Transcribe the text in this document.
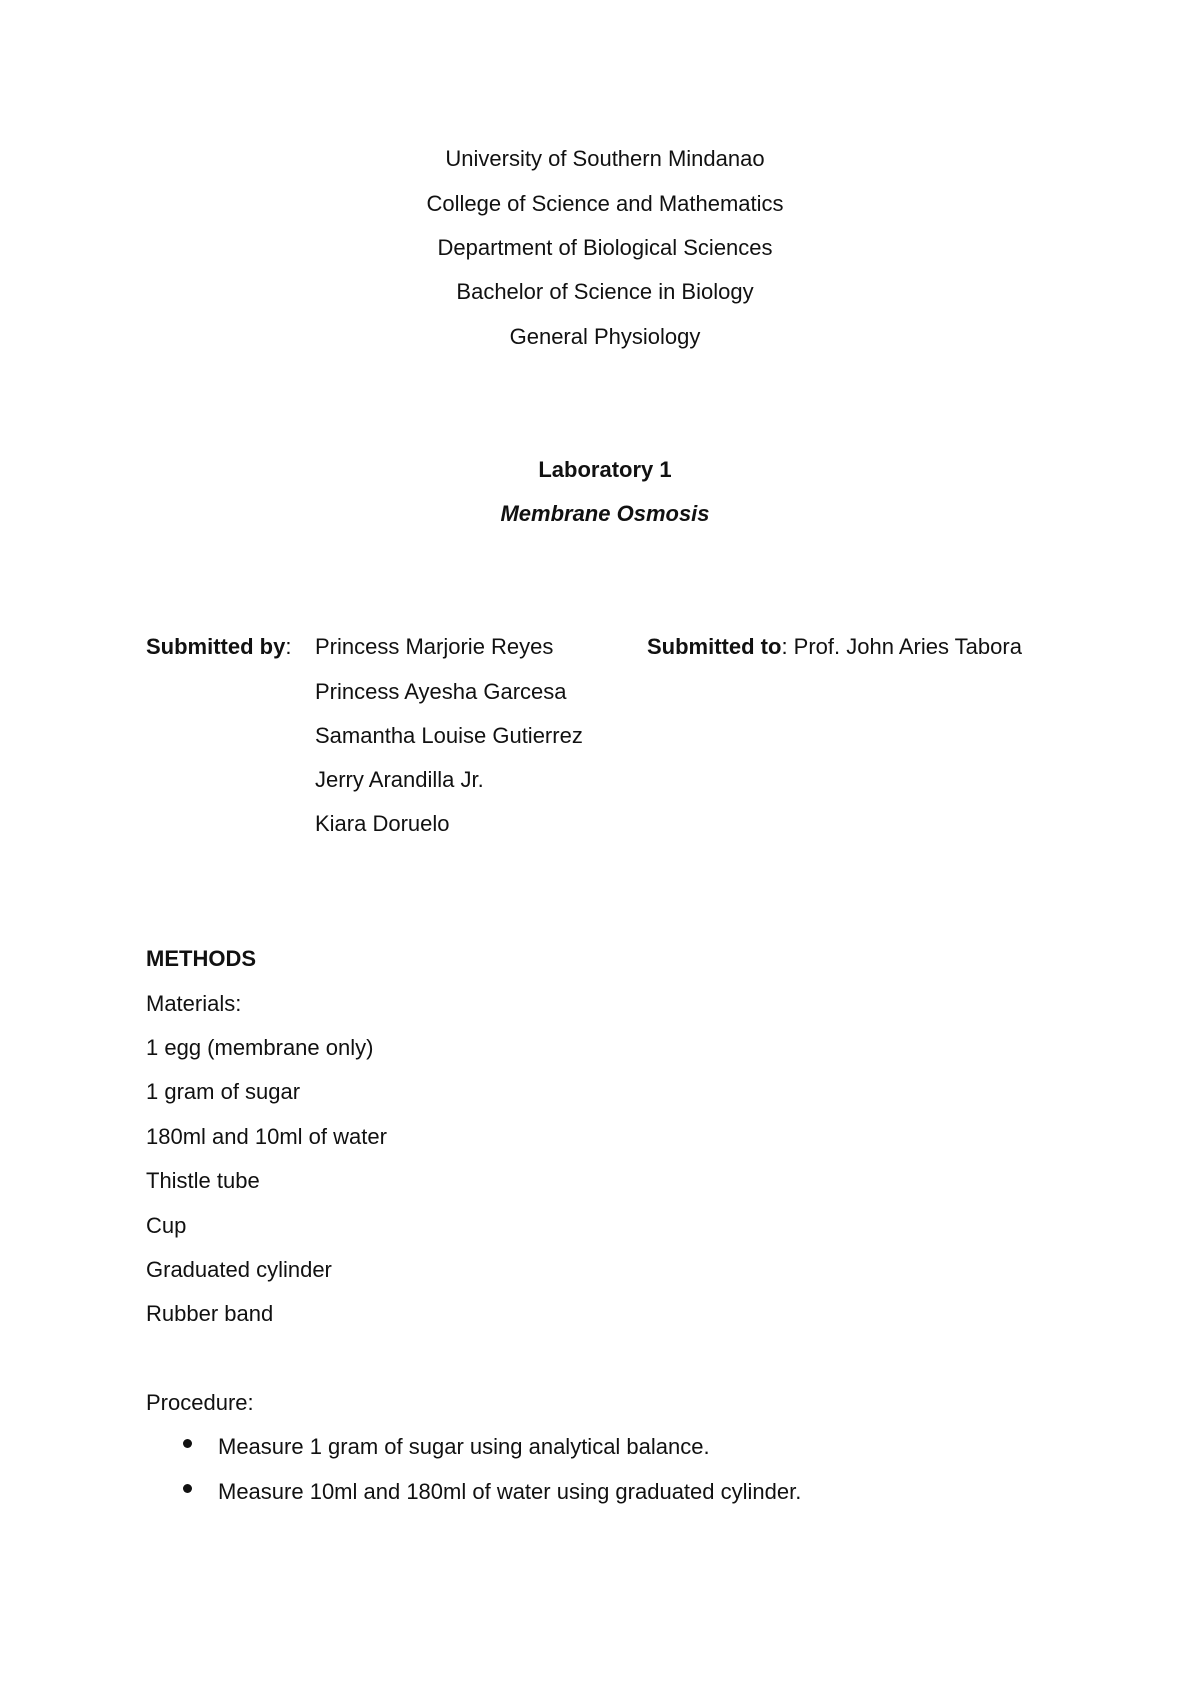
University of Southern Mindanao
College of Science and Mathematics
Department of Biological Sciences
Bachelor of Science in Biology
General Physiology
Laboratory 1
Membrane Osmosis
Submitted by: Princess Marjorie Reyes
Princess Ayesha Garcesa
Samantha Louise Gutierrez
Jerry Arandilla Jr.
Kiara Doruelo
Submitted to: Prof. John Aries Tabora
METHODS
Materials:
1 egg (membrane only)
1 gram of sugar
180ml and 10ml of water
Thistle tube
Cup
Graduated cylinder
Rubber band
Procedure:
Measure 1 gram of sugar using analytical balance.
Measure 10ml and 180ml of water using graduated cylinder.
